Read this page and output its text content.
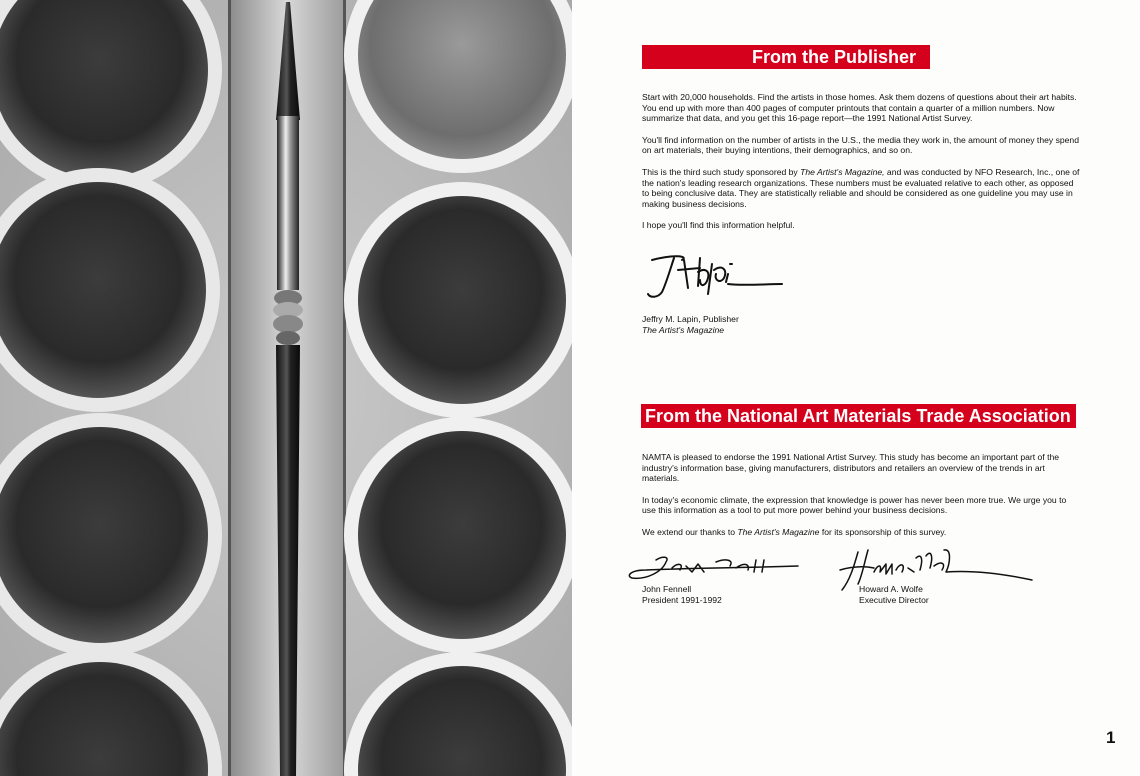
From the Publisher

Start with 20,000 households. Find the artists in those homes. Ask them dozens of questions about their art habits. You end up with more than 400 pages of computer printouts that contain a quarter of a million numbers. Now summarize that data, and you get this 16-page report—the 1991 National Artist Survey.

You'll find information on the number of artists in the U.S., the media they work in, the amount of money they spend on art materials, their buying intentions, their demographics, and so on.

This is the third such study sponsored by The Artist's Magazine, and was conducted by NFO Research, Inc., one of the nation's leading research organizations. These numbers must be evaluated relative to each other, as opposed to being conclusive data. They are statistically reliable and should be considered as one guideline you may use in making business decisions.

I hope you'll find this information helpful.

Jeffry M. Lapin, Publisher
The Artist's Magazine
From the National Art Materials Trade Association

NAMTA is pleased to endorse the 1991 National Artist Survey. This study has become an important part of the industry's information base, giving manufacturers, distributors and retailers an overview of the trends in art materials.

In today's economic climate, the expression that knowledge is power has never been more true. We urge you to use this information as a tool to put more power behind your business decisions.

We extend our thanks to The Artist's Magazine for its sponsorship of this survey.

John Fennell
President 1991-1992
Howard A. Wolfe
Executive Director
1
